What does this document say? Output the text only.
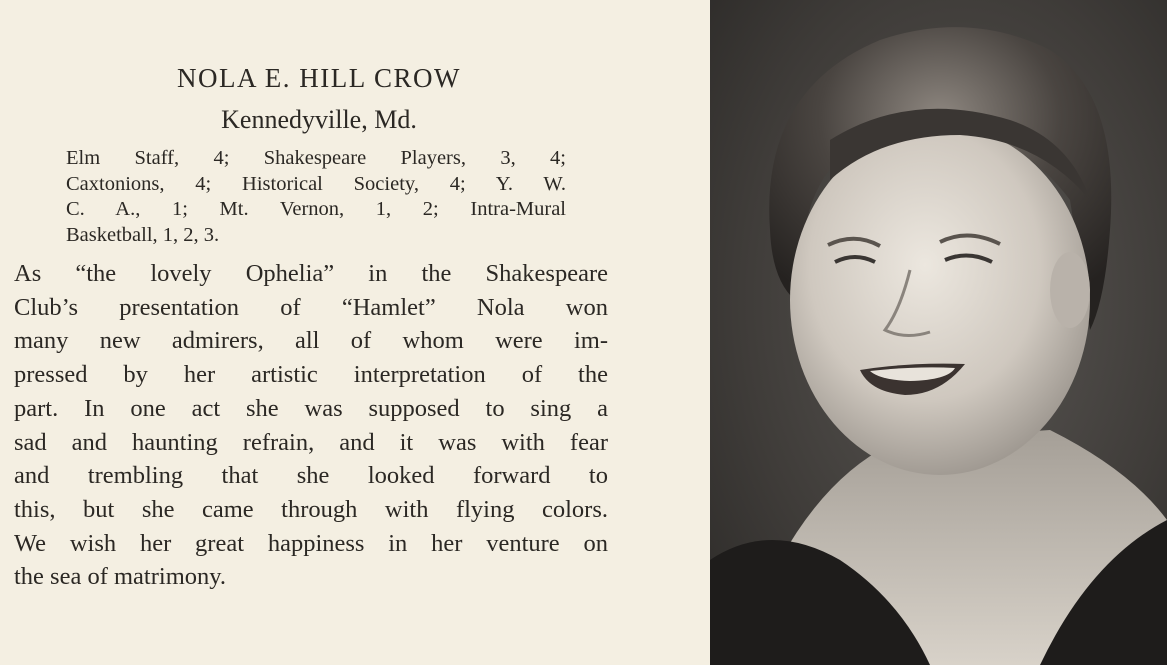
NOLA E. HILL CROW
Kennedyville, Md.
Elm Staff, 4; Shakespeare Players, 3, 4;
Caxtonions, 4; Historical Society, 4; Y. W.
C. A., 1; Mt. Vernon, 1, 2; Intra-Mural
Basketball, 1, 2, 3.
As “the lovely Ophelia” in the Shakespeare
Club’s presentation of “Hamlet” Nola won
many new admirers, all of whom were im-
pressed by her artistic interpretation of the
part. In one act she was supposed to sing a
sad and haunting refrain, and it was with fear
and trembling that she looked forward to
this, but she came through with flying colors.
We wish her great happiness in her venture on
the sea of matrimony.
